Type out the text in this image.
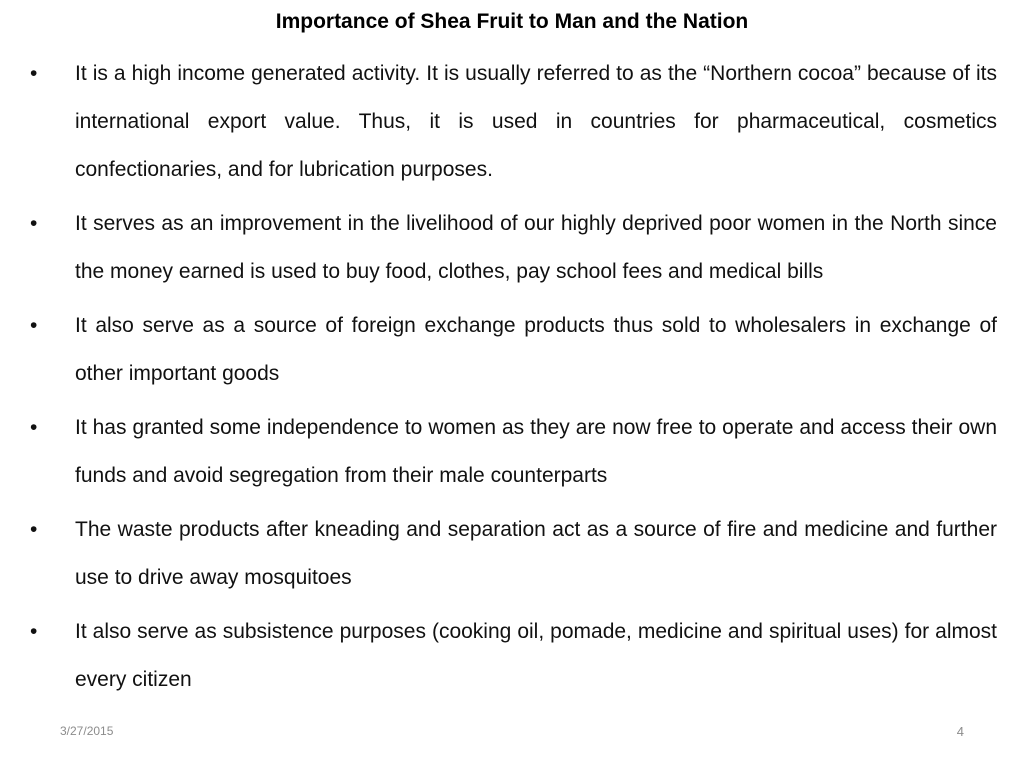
Importance of Shea Fruit to Man and the Nation
•	It is a high income generated activity. It is usually referred to as the “Northern cocoa” because of its international export value. Thus, it is used in countries for pharmaceutical, cosmetics confectionaries, and for lubrication purposes.
•	It serves as an improvement in the livelihood of our highly deprived poor women in the North since the money earned is used to buy food, clothes, pay school fees and medical bills
•	It also serve as a source of foreign exchange products thus sold to wholesalers in exchange of other important goods
•	It has granted some independence to women as they are now free to operate and access their own funds and avoid segregation from their male counterparts
•	The waste products after kneading and separation act as a source of fire and medicine and further use to drive away mosquitoes
•	It also serve as subsistence purposes (cooking oil, pomade, medicine and spiritual uses) for almost every citizen
3/27/2015	4
